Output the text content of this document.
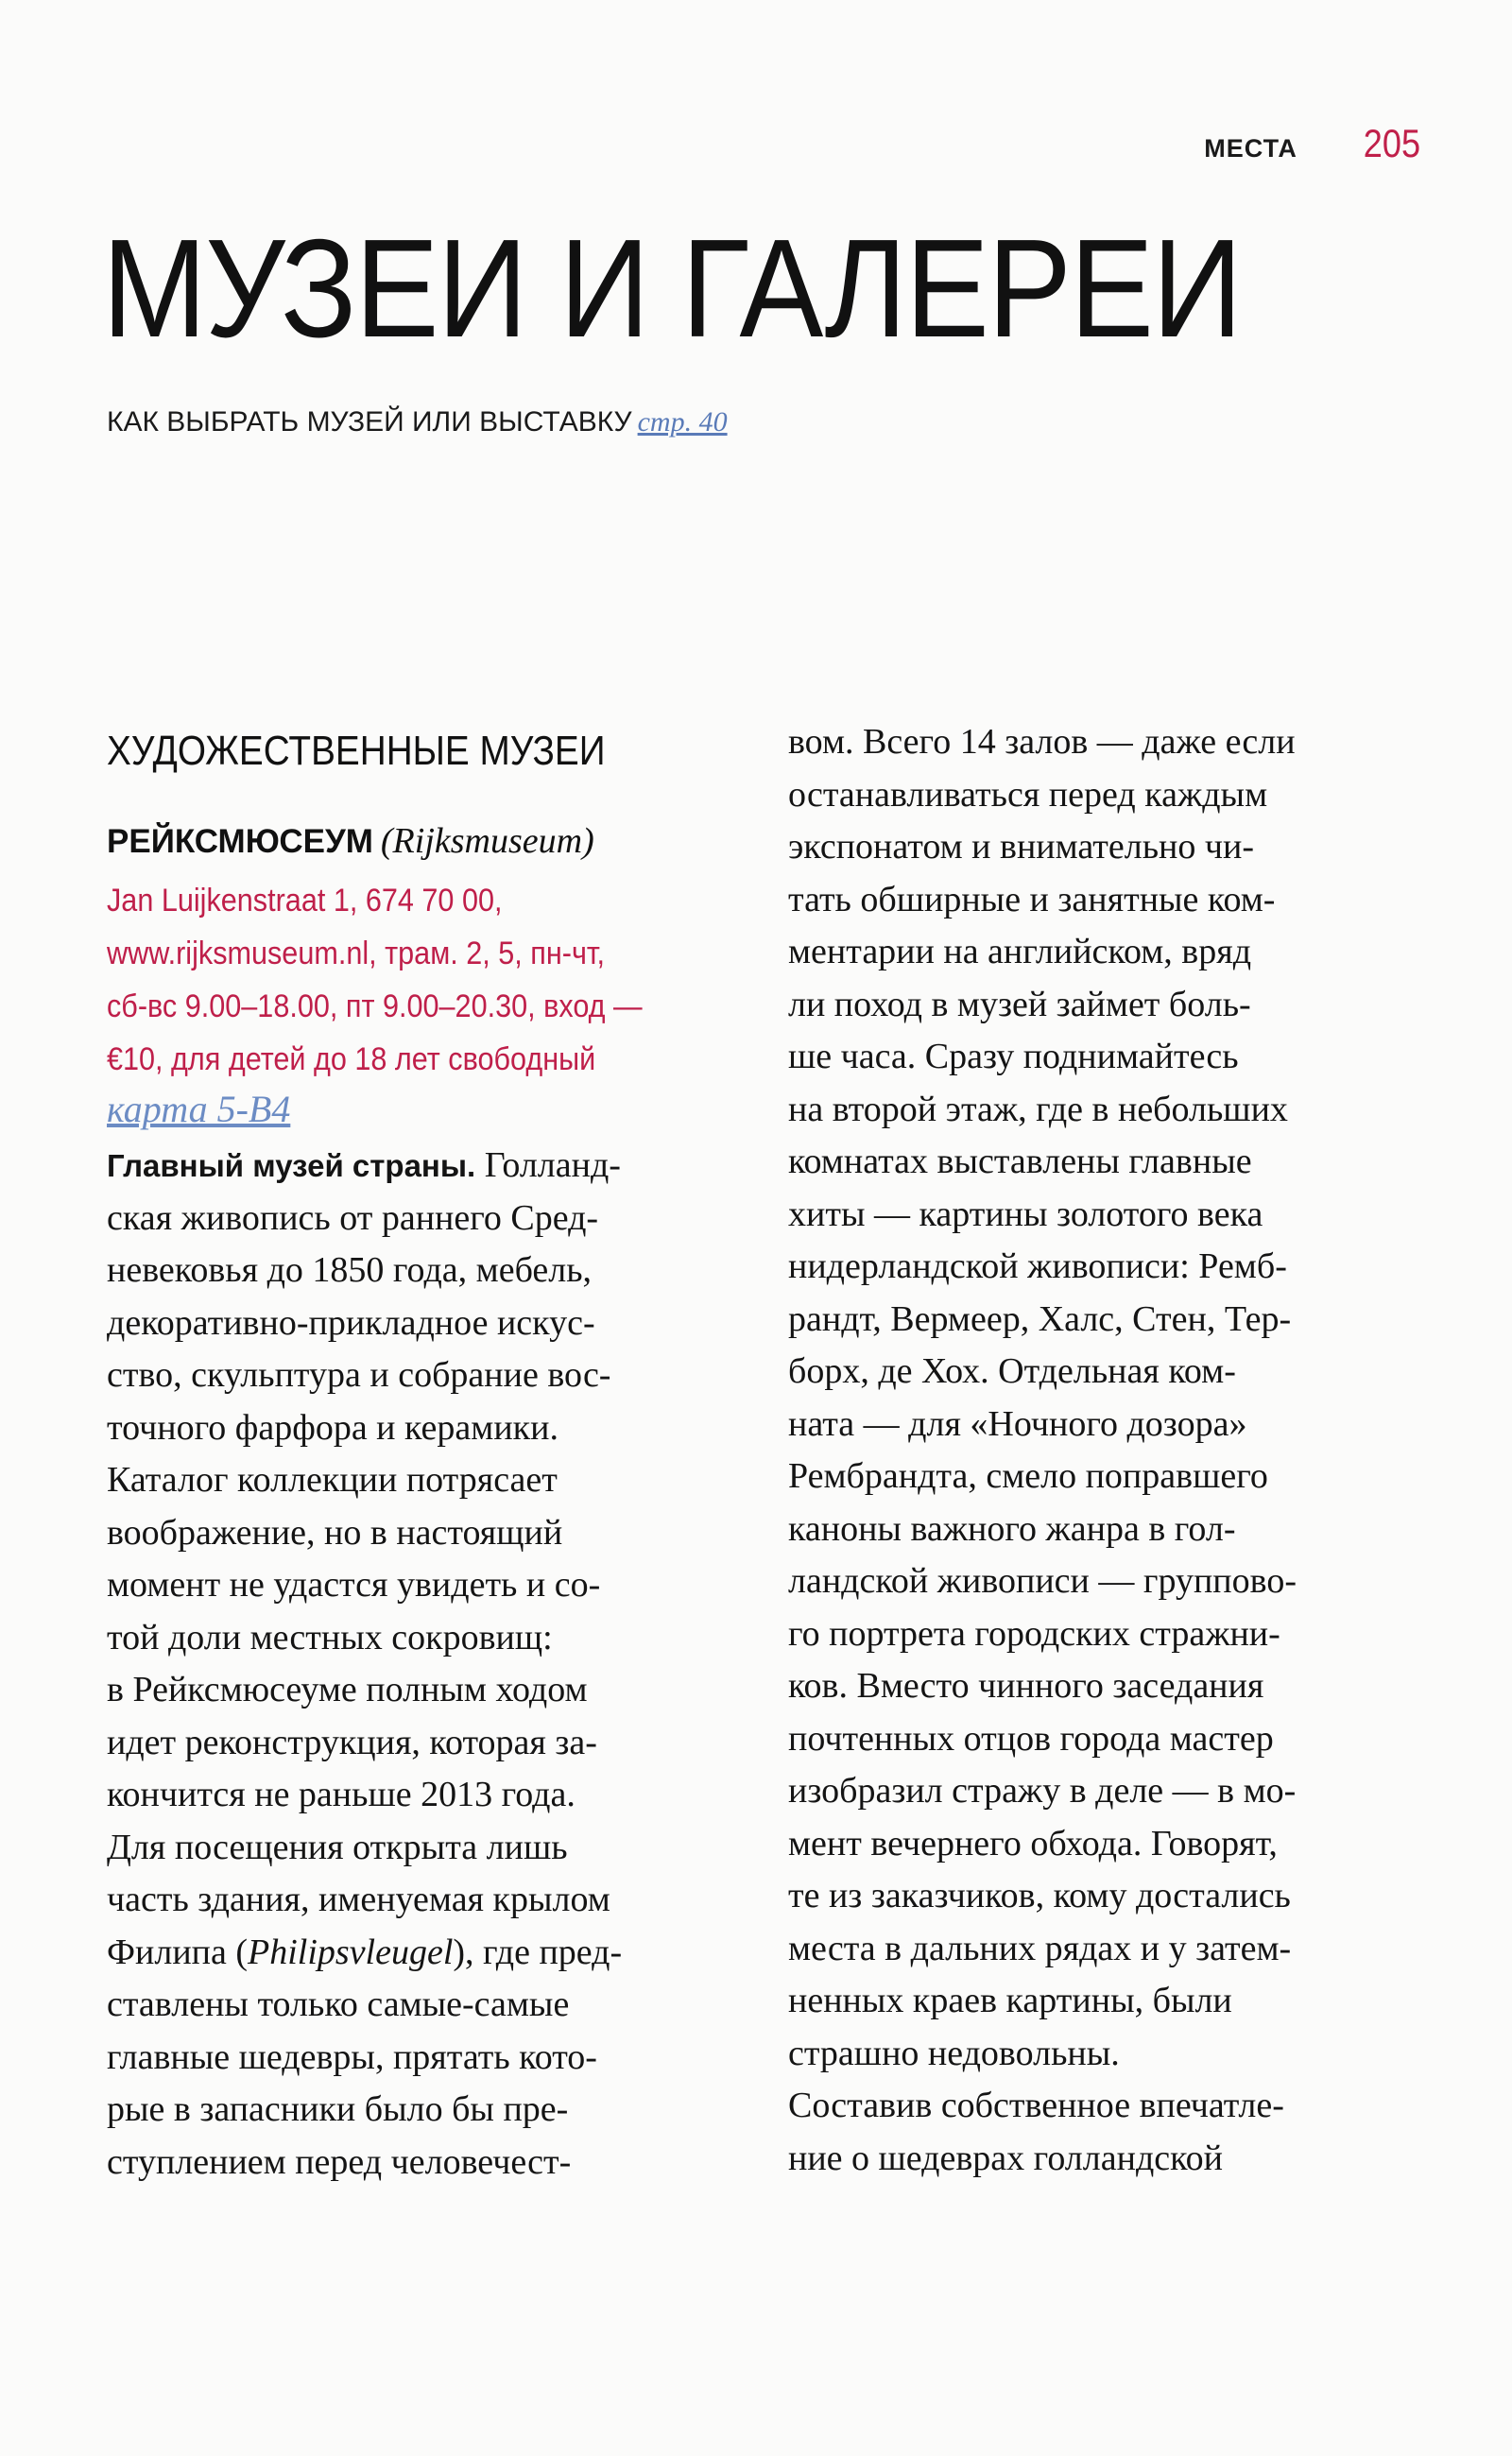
МЕСТА 205
МУЗЕИ И ГАЛЕРЕИ
КАК ВЫБРАТЬ МУЗЕЙ ИЛИ ВЫСТАВКУ стр. 40
ХУДОЖЕСТВЕННЫЕ МУЗЕИ
РЕЙКСМЮСЕУМ (Rijksmuseum)
Jan Luijkenstraat 1, 674 70 00,
www.rijksmuseum.nl, трам. 2, 5, пн-чт,
сб-вс 9.00–18.00, пт 9.00–20.30, вход —
€10, для детей до 18 лет свободный
карта 5-В4
Главный музей страны. Голланд-
ская живопись от раннего Сред-
невековья до 1850 года, мебель,
декоративно-прикладное искус-
ство, скульптура и собрание вос-
точного фарфора и керамики.
Каталог коллекции потрясает
воображение, но в настоящий
момент не удастся увидеть и со-
той доли местных сокровищ:
в Рейксмюсеуме полным ходом
идет реконструкция, которая за-
кончится не раньше 2013 года.
Для посещения открыта лишь
часть здания, именуемая крылом
Филипа (Philipsvleugel), где пред-
ставлены только самые-самые
главные шедевры, прятать кото-
рые в запасники было бы пре-
ступлением перед человечест-
вом. Всего 14 залов — даже если
останавливаться перед каждым
экспонатом и внимательно чи-
тать обширные и занятные ком-
ментарии на английском, вряд
ли поход в музей займет боль-
ше часа. Сразу поднимайтесь
на второй этаж, где в небольших
комнатах выставлены главные
хиты — картины золотого века
нидерландской живописи: Ремб-
рандт, Вермеер, Халс, Стен, Тер-
борх, де Хох. Отдельная ком-
ната — для «Ночного дозора»
Рембрандта, смело поправшего
каноны важного жанра в гол-
ландской живописи — группово-
го портрета городских стражни-
ков. Вместо чинного заседания
почтенных отцов города мастер
изобразил стражу в деле — в мо-
мент вечернего обхода. Говорят,
те из заказчиков, кому достались
места в дальних рядах и у затем-
ненных краев картины, были
страшно недовольны.
Составив собственное впечатле-
ние о шедеврах голландской
